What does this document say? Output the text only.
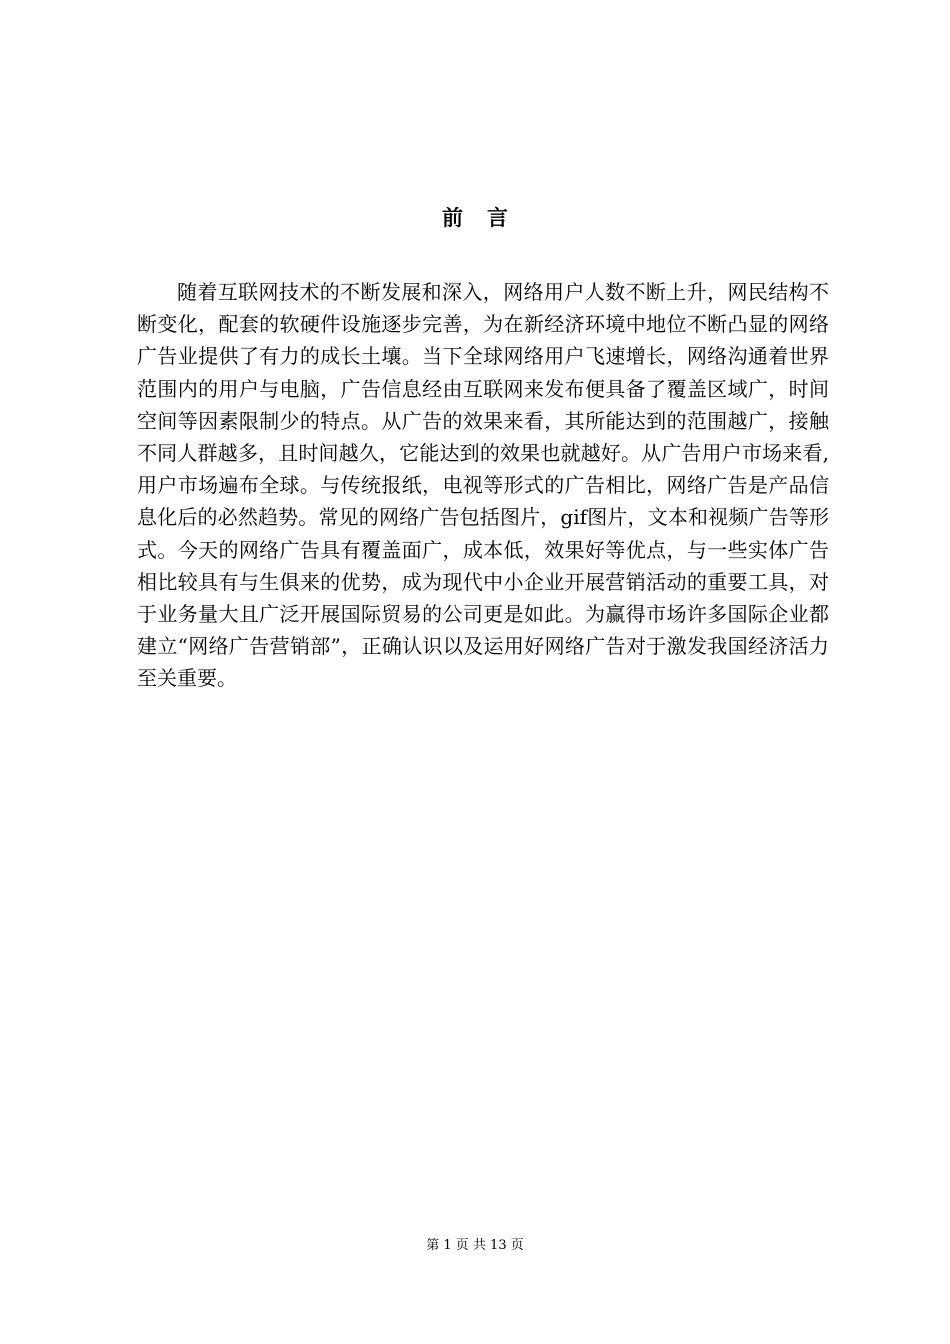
前言

随着互联网技术的不断发展和深入，网络用户人数不断上升，网民结构不断变化，配套的软硬件设施逐步完善，为在新经济环境中地位不断凸显的网络广告业提供了有力的成长土壤。当下全球网络用户飞速增长，网络沟通着世界范围内的用户与电脑，广告信息经由互联网来发布便具备了覆盖区域广，时间空间等因素限制少的特点。从广告的效果来看，其所能达到的范围越广，接触不同人群越多，且时间越久，它能达到的效果也就越好。从广告用户市场来看,用户市场遍布全球。与传统报纸，电视等形式的广告相比，网络广告是产品信息化后的必然趋势。常见的网络广告包括图片，gif图片，文本和视频广告等形式。今天的网络广告具有覆盖面广，成本低，效果好等优点，与一些实体广告相比较具有与生俱来的优势，成为现代中小企业开展营销活动的重要工具，对于业务量大且广泛开展国际贸易的公司更是如此。为赢得市场许多国际企业都建立“网络广告营销部”，正确认识以及运用好网络广告对于激发我国经济活力至关重要。

第 1 页 共 13 页
